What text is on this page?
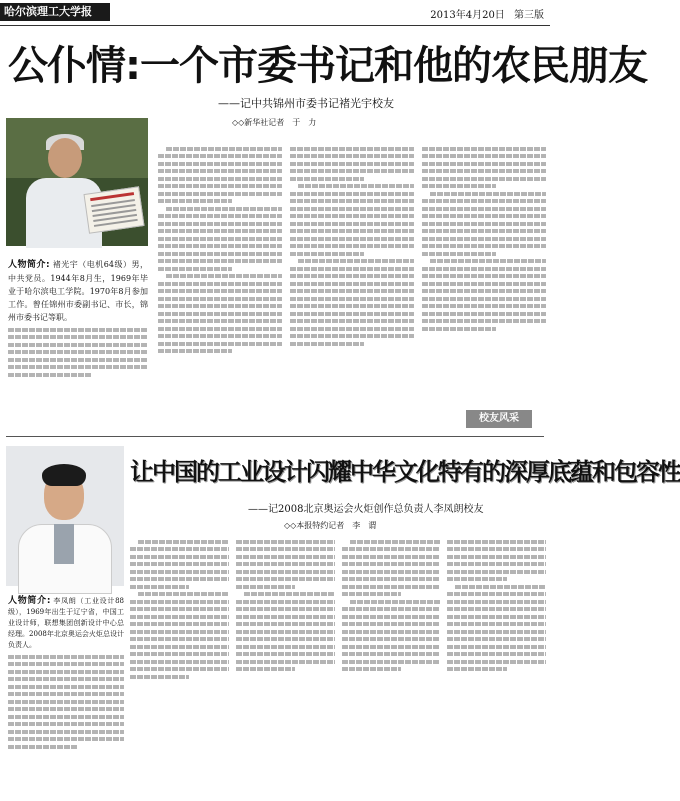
哈尔滨理工大学报	2013年4月20日 第三版
公仆情:一个市委书记和他的农民朋友
——记中共锦州市委书记褚光宇校友
◇◇新华社记者　于　力
人物简介: 褚光宇（电机64级）男，中共党员。1944年8月生，1969年毕业于哈尔滨电工学院。1970年8月参加工作。曾任锦州市委副书记、市长，锦州市委书记等职。
校友风采
让中国的工业设计闪耀中华文化特有的深厚底蕴和包容性
——记2008北京奥运会火炬创作总负责人李凤朗校友
◇◇本报特约记者　李　谓
人物简介: 李凤朗（工业设计88级），1969年出生于辽宁省，中国工业设计师，联想集团创新设计中心总经理。2008年北京奥运会火炬总设计负责人。
